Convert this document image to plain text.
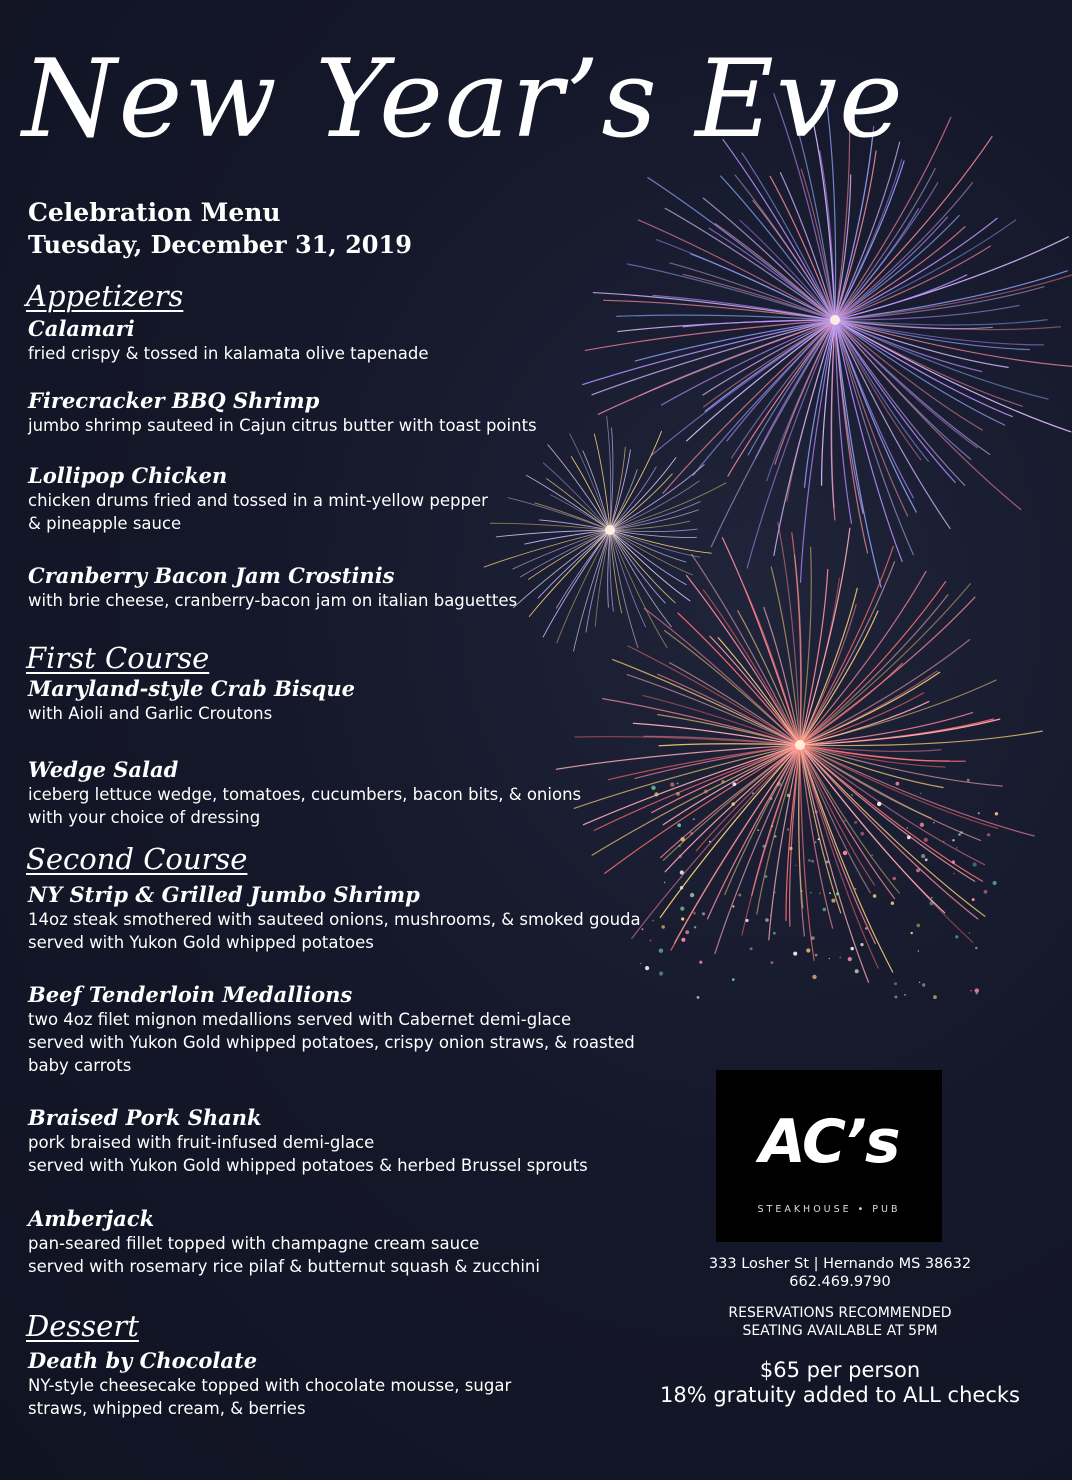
New Year’s Eve
Celebration Menu
Tuesday, December 31, 2019
Appetizers
Calamari
fried crispy & tossed in kalamata olive tapenade
Firecracker BBQ Shrimp
jumbo shrimp sauteed in Cajun citrus butter with toast points
Lollipop Chicken
chicken drums fried and tossed in a mint-yellow pepper
& pineapple sauce
Cranberry Bacon Jam Crostinis
with brie cheese, cranberry-bacon jam on italian baguettes
First Course
Maryland-style Crab Bisque
with Aioli and Garlic Croutons
Wedge Salad
iceberg lettuce wedge, tomatoes, cucumbers, bacon bits, & onions
with your choice of dressing
Second Course
NY Strip & Grilled Jumbo Shrimp
14oz steak smothered with sauteed onions, mushrooms, & smoked gouda
served with Yukon Gold whipped potatoes
Beef Tenderloin Medallions
two 4oz filet mignon medallions served with Cabernet demi-glace
served with Yukon Gold whipped potatoes, crispy onion straws, & roasted
baby carrots
Braised Pork Shank
pork braised with fruit-infused demi-glace
served with Yukon Gold whipped potatoes & herbed Brussel sprouts
Amberjack
pan-seared fillet topped with champagne cream sauce
served with rosemary rice pilaf & butternut squash & zucchini
Dessert
Death by Chocolate
NY-style cheesecake topped with chocolate mousse, sugar
straws, whipped cream, & berries
AC’s
STEAKHOUSE • PUB
333 Losher St | Hernando MS 38632
662.469.9790
RESERVATIONS RECOMMENDED
SEATING AVAILABLE AT 5PM
$65 per person
18% gratuity added to ALL checks
